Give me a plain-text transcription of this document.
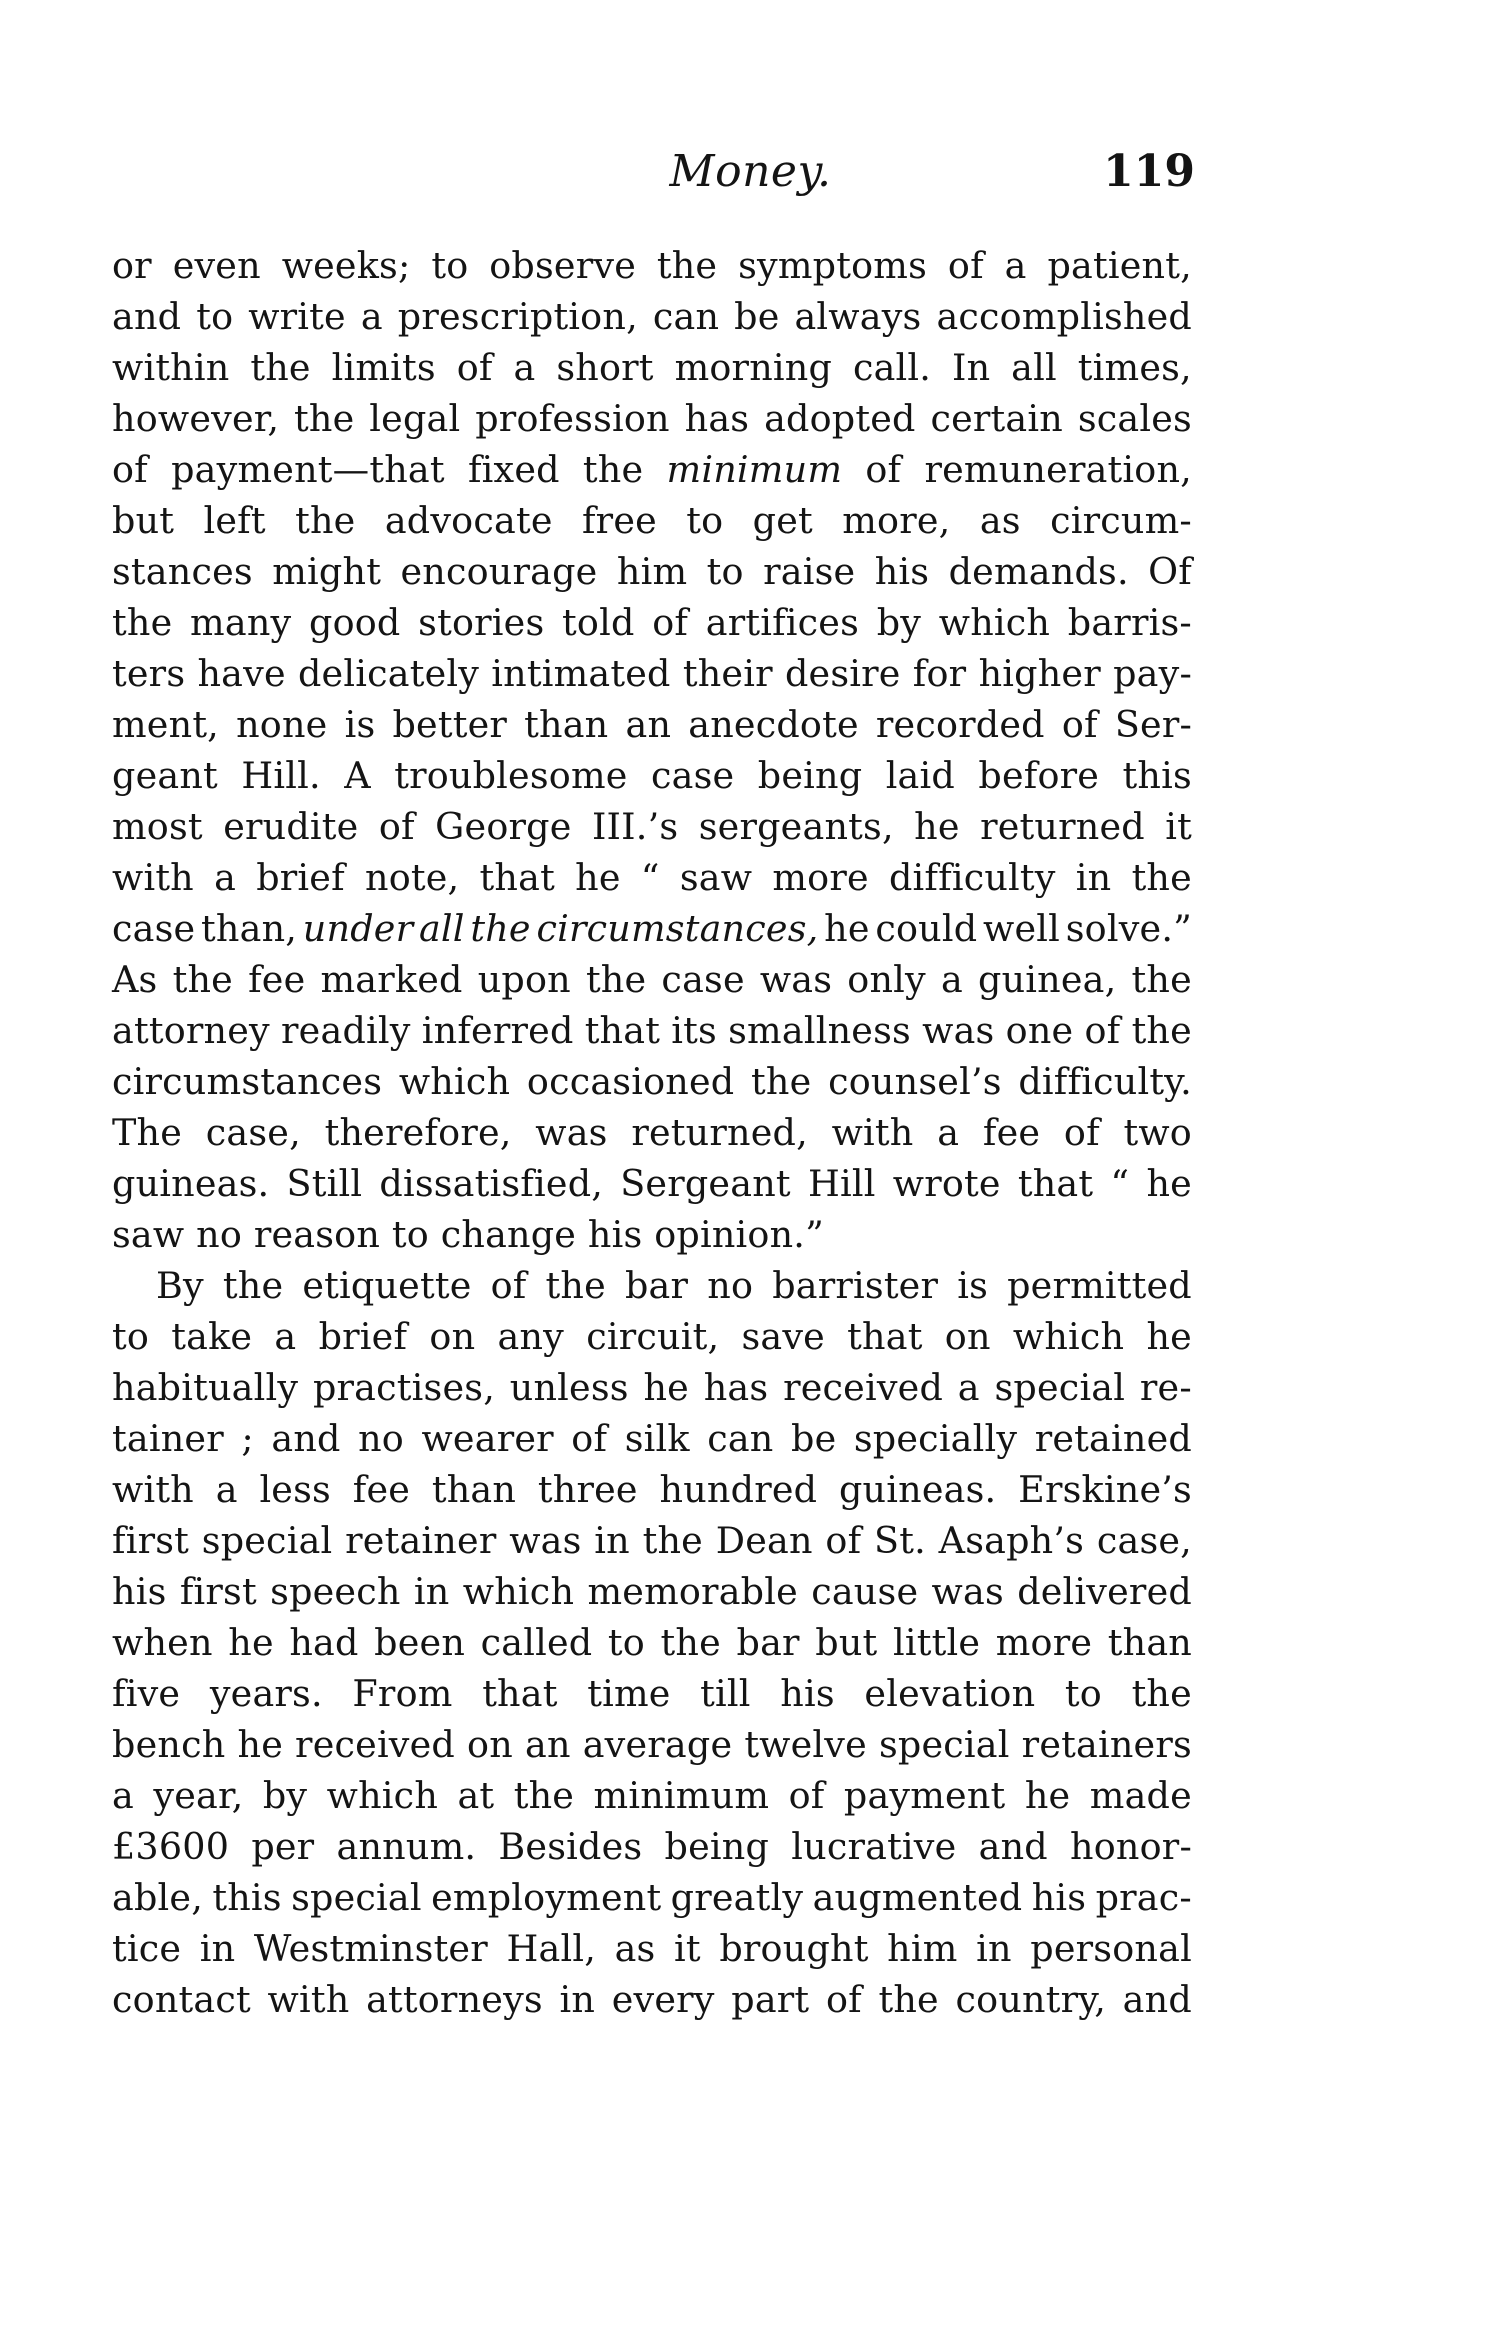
Money.	119
or even weeks; to observe the symptoms of a patient,
and to write a prescription, can be always accomplished
within the limits of a short morning call. In all times,
however, the legal profession has adopted certain scales
of payment—that fixed the minimum of remuneration,
but left the advocate free to get more, as circum-
stances might encourage him to raise his demands. Of
the many good stories told of artifices by which barris-
ters have delicately intimated their desire for higher pay-
ment, none is better than an anecdote recorded of Ser-
geant Hill. A troublesome case being laid before this
most erudite of George III.’s sergeants, he returned it
with a brief note, that he “ saw more difficulty in the
case than, under all the circumstances, he could well solve.”
As the fee marked upon the case was only a guinea, the
attorney readily inferred that its smallness was one of the
circumstances which occasioned the counsel’s difficulty.
The case, therefore, was returned, with a fee of two
guineas. Still dissatisfied, Sergeant Hill wrote that “ he
saw no reason to change his opinion.”
By the etiquette of the bar no barrister is permitted
to take a brief on any circuit, save that on which he
habitually practises, unless he has received a special re-
tainer ; and no wearer of silk can be specially retained
with a less fee than three hundred guineas. Erskine’s
first special retainer was in the Dean of St. Asaph’s case,
his first speech in which memorable cause was delivered
when he had been called to the bar but little more than
five years. From that time till his elevation to the
bench he received on an average twelve special retainers
a year, by which at the minimum of payment he made
£3600 per annum. Besides being lucrative and honor-
able, this special employment greatly augmented his prac-
tice in Westminster Hall, as it brought him in personal
contact with attorneys in every part of the country, and
